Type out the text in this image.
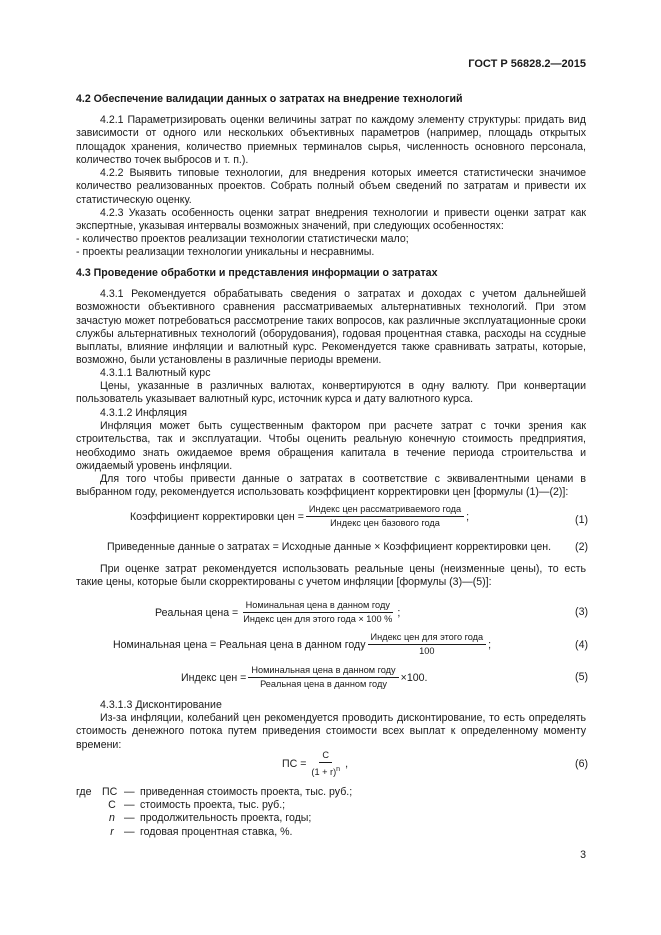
ГОСТ Р 56828.2—2015
4.2 Обеспечение валидации данных о затратах на внедрение технологий
4.2.1 Параметризировать оценки величины затрат по каждому элементу структуры: придать вид зависимости от одного или нескольких объективных параметров (например, площадь открытых площадок хранения, количество приемных терминалов сырья, численность основного персонала, количество точек выбросов и т. п.).
4.2.2 Выявить типовые технологии, для внедрения которых имеется статистически значимое количество реализованных проектов. Собрать полный объем сведений по затратам и привести их статистическую оценку.
4.2.3 Указать особенность оценки затрат внедрения технологии и привести оценки затрат как экспертные, указывая интервалы возможных значений, при следующих особенностях:
- количество проектов реализации технологии статистически мало;
- проекты реализации технологии уникальны и несравнимы.
4.3 Проведение обработки и представления информации о затратах
4.3.1 Рекомендуется обрабатывать сведения о затратах и доходах с учетом дальнейшей возможности объективного сравнения рассматриваемых альтернативных технологий. При этом зачастую может потребоваться рассмотрение таких вопросов, как различные эксплуатационные сроки службы альтернативных технологий (оборудования), годовая процентная ставка, расходы на ссудные выплаты, влияние инфляции и валютный курс. Рекомендуется также сравнивать затраты, которые, возможно, были установлены в различные периоды времени.
4.3.1.1 Валютный курс
Цены, указанные в различных валютах, конвертируются в одну валюту. При конвертации пользователь указывает валютный курс, источник курса и дату валютного курса.
4.3.1.2 Инфляция
Инфляция может быть существенным фактором при расчете затрат с точки зрения как строительства, так и эксплуатации. Чтобы оценить реальную конечную стоимость предприятия, необходимо знать ожидаемое время обращения капитала в течение периода строительства и ожидаемый уровень инфляции.
Для того чтобы привести данные о затратах в соответствие с эквивалентными ценами в выбранном году, рекомендуется использовать коэффициент корректировки цен [формулы (1)—(2)]:
Коэффициент корректировки цен = $\frac{\text{Индекс цен рассматриваемого года}}{\text{Индекс цен базового года}}$ ;	(1)
Приведенные данные о затратах = Исходные данные × Коэффициент корректировки цен.	(2)
При оценке затрат рекомендуется использовать реальные цены (неизменные цены), то есть такие цены, которые были скорректированы с учетом инфляции [формулы (3)—(5)]:
Реальная цена = $\frac{\text{Номинальная цена в данном году}}{\text{Индекс цен для этого года × 100 \%}}$ ;	(3)
Номинальная цена = Реальная цена в данном году $\frac{\text{Индекс цен для этого года}}{100}$ ;	(4)
Индекс цен = $\frac{\text{Номинальная цена в данном году}}{\text{Реальная цена в данном году}} \times 100$.	(5)
4.3.1.3 Дисконтирование
Из-за инфляции, колебаний цен рекомендуется проводить дисконтирование, то есть определять стоимость денежного потока путем приведения стоимости всех выплат к определенному моменту времени:
ПС = $\frac{С}{(1 + r)^n}$ ,	(6)
где ПС — приведенная стоимость проекта, тыс. руб.;
С — стоимость проекта, тыс. руб.;
n — продолжительность проекта, годы;
r — годовая процентная ставка, %.
3
